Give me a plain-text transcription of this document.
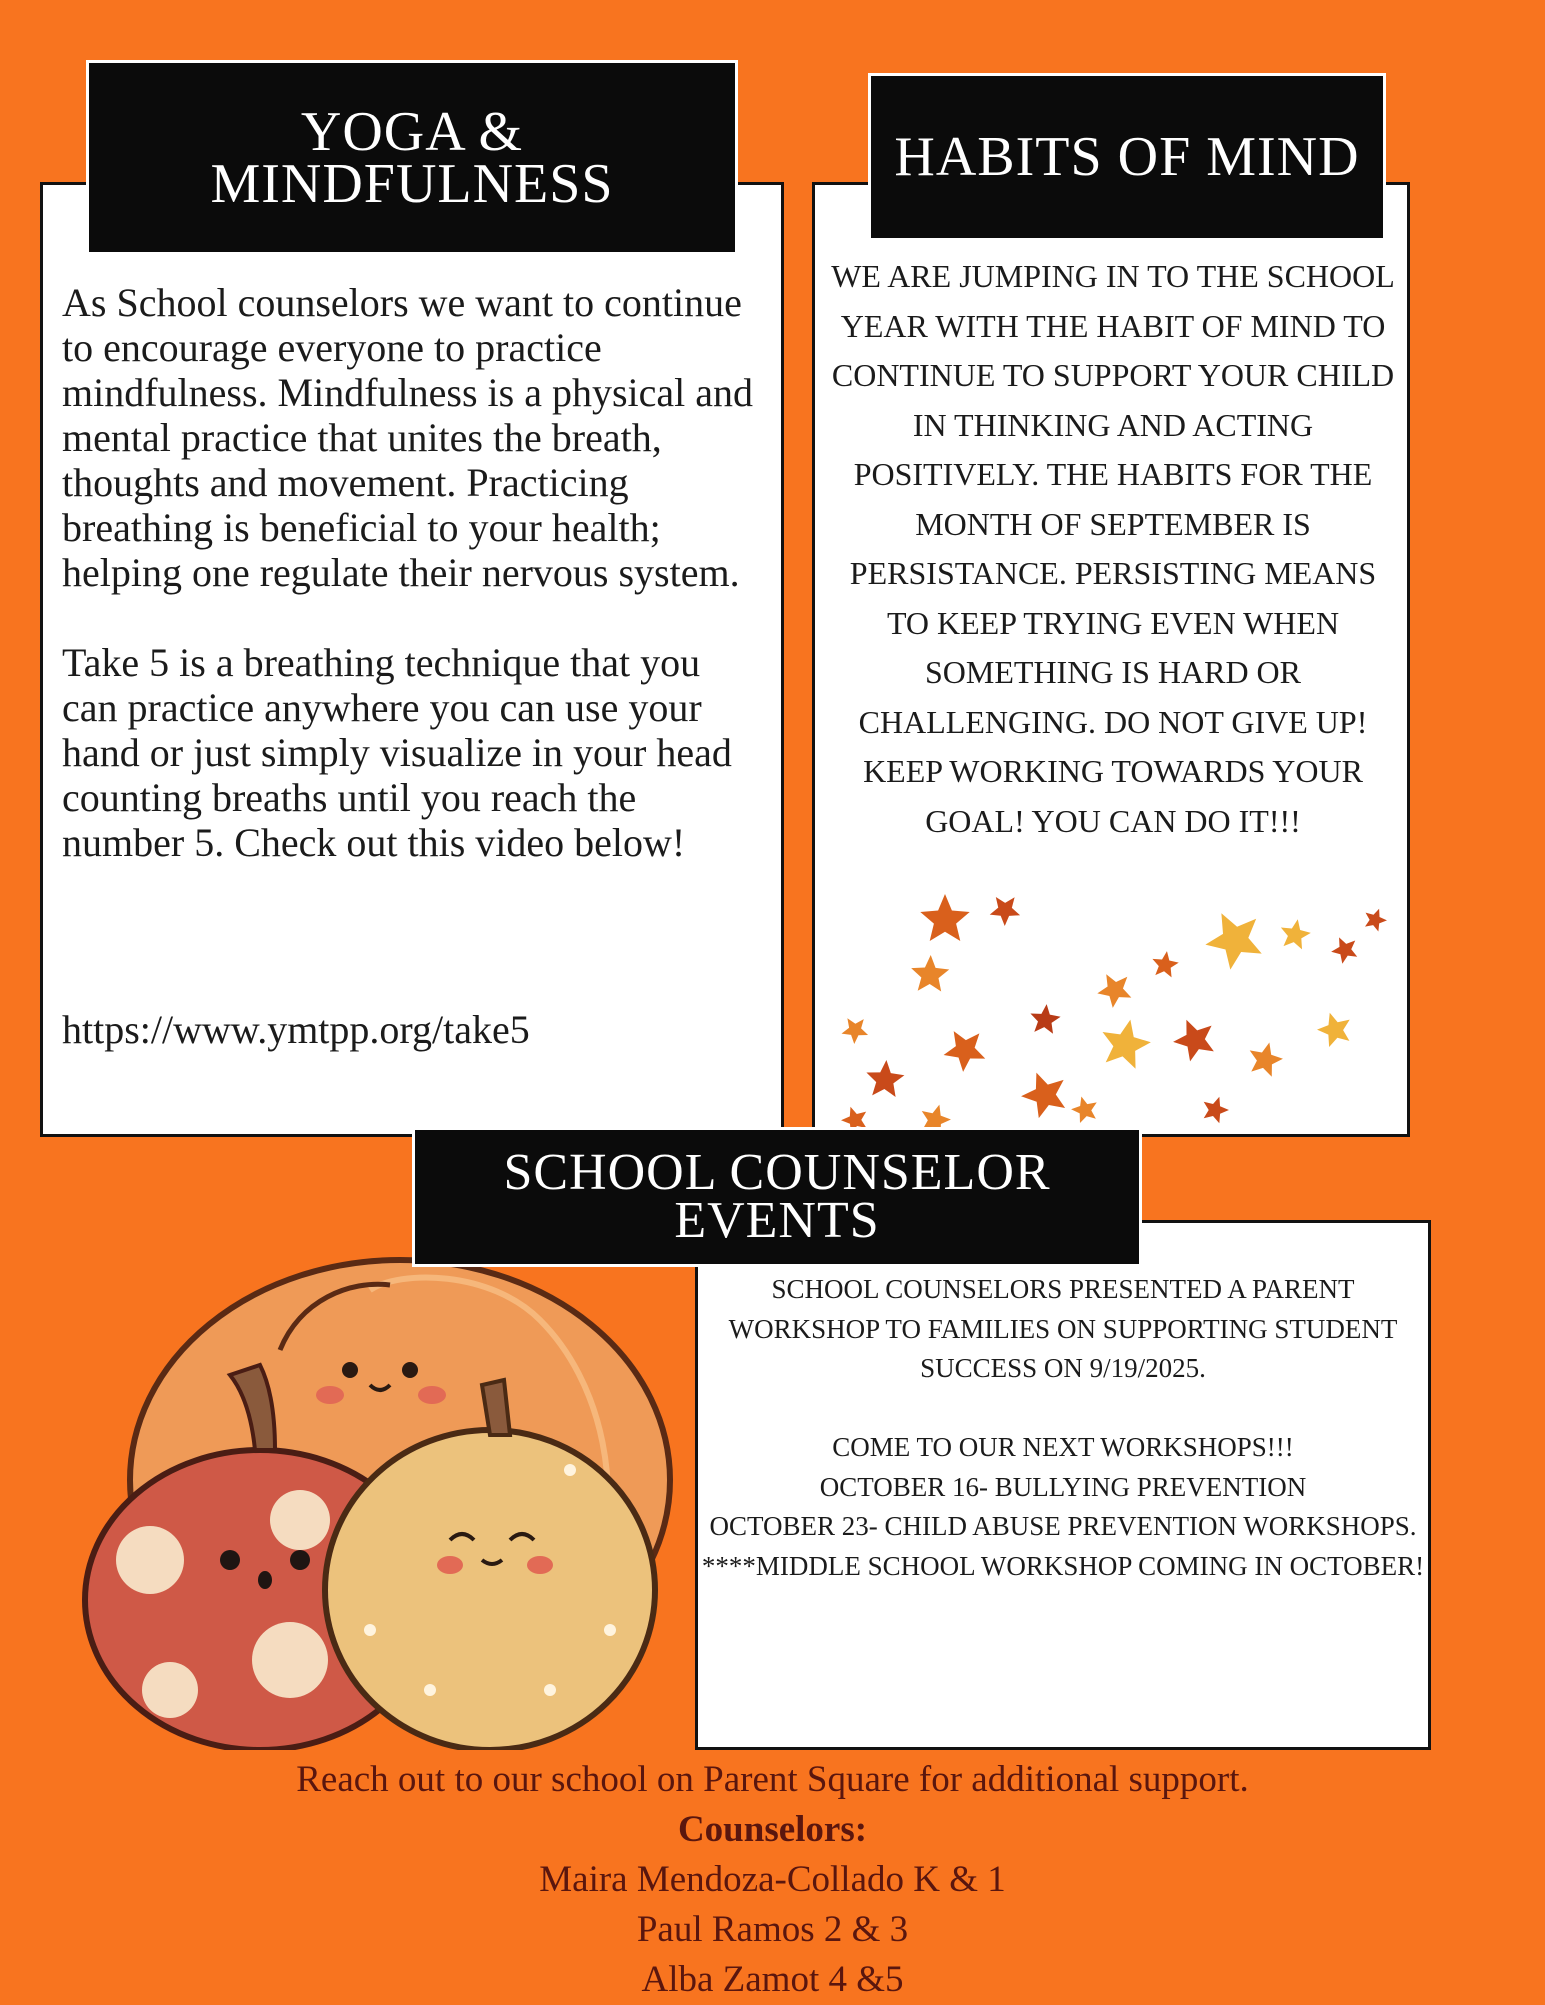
YOGA & MINDFULNESS

As School counselors we want to continue to encourage everyone to practice mindfulness. Mindfulness is a physical and mental practice that unites the breath, thoughts and movement. Practicing breathing is beneficial to your health; helping one regulate their nervous system.

Take 5 is a breathing technique that you can practice anywhere you can use your hand or just simply visualize in your head counting breaths until you reach the number 5. Check out this video below!

https://www.ymtpp.org/take5
HABITS OF MIND

WE ARE JUMPING IN TO THE SCHOOL YEAR WITH THE HABIT OF MIND TO CONTINUE TO SUPPORT YOUR CHILD IN THINKING AND ACTING POSITIVELY. THE HABITS FOR THE MONTH OF SEPTEMBER IS PERSISTANCE. PERSISTING MEANS TO KEEP TRYING EVEN WHEN SOMETHING IS HARD OR CHALLENGING. DO NOT GIVE UP! KEEP WORKING TOWARDS YOUR GOAL! YOU CAN DO IT!!!

SCHOOL COUNSELOR EVENTS

SCHOOL COUNSELORS PRESENTED A PARENT WORKSHOP TO FAMILIES ON SUPPORTING STUDENT SUCCESS ON 9/19/2025.

COME TO OUR NEXT WORKSHOPS!!!
OCTOBER 16- BULLYING PREVENTION
OCTOBER 23- CHILD ABUSE PREVENTION WORKSHOPS.
****MIDDLE SCHOOL WORKSHOP COMING IN OCTOBER!
Reach out to our school on Parent Square for additional support.
Counselors:
Maira Mendoza-Collado K & 1
Paul Ramos 2 & 3
Alba Zamot 4 &5
